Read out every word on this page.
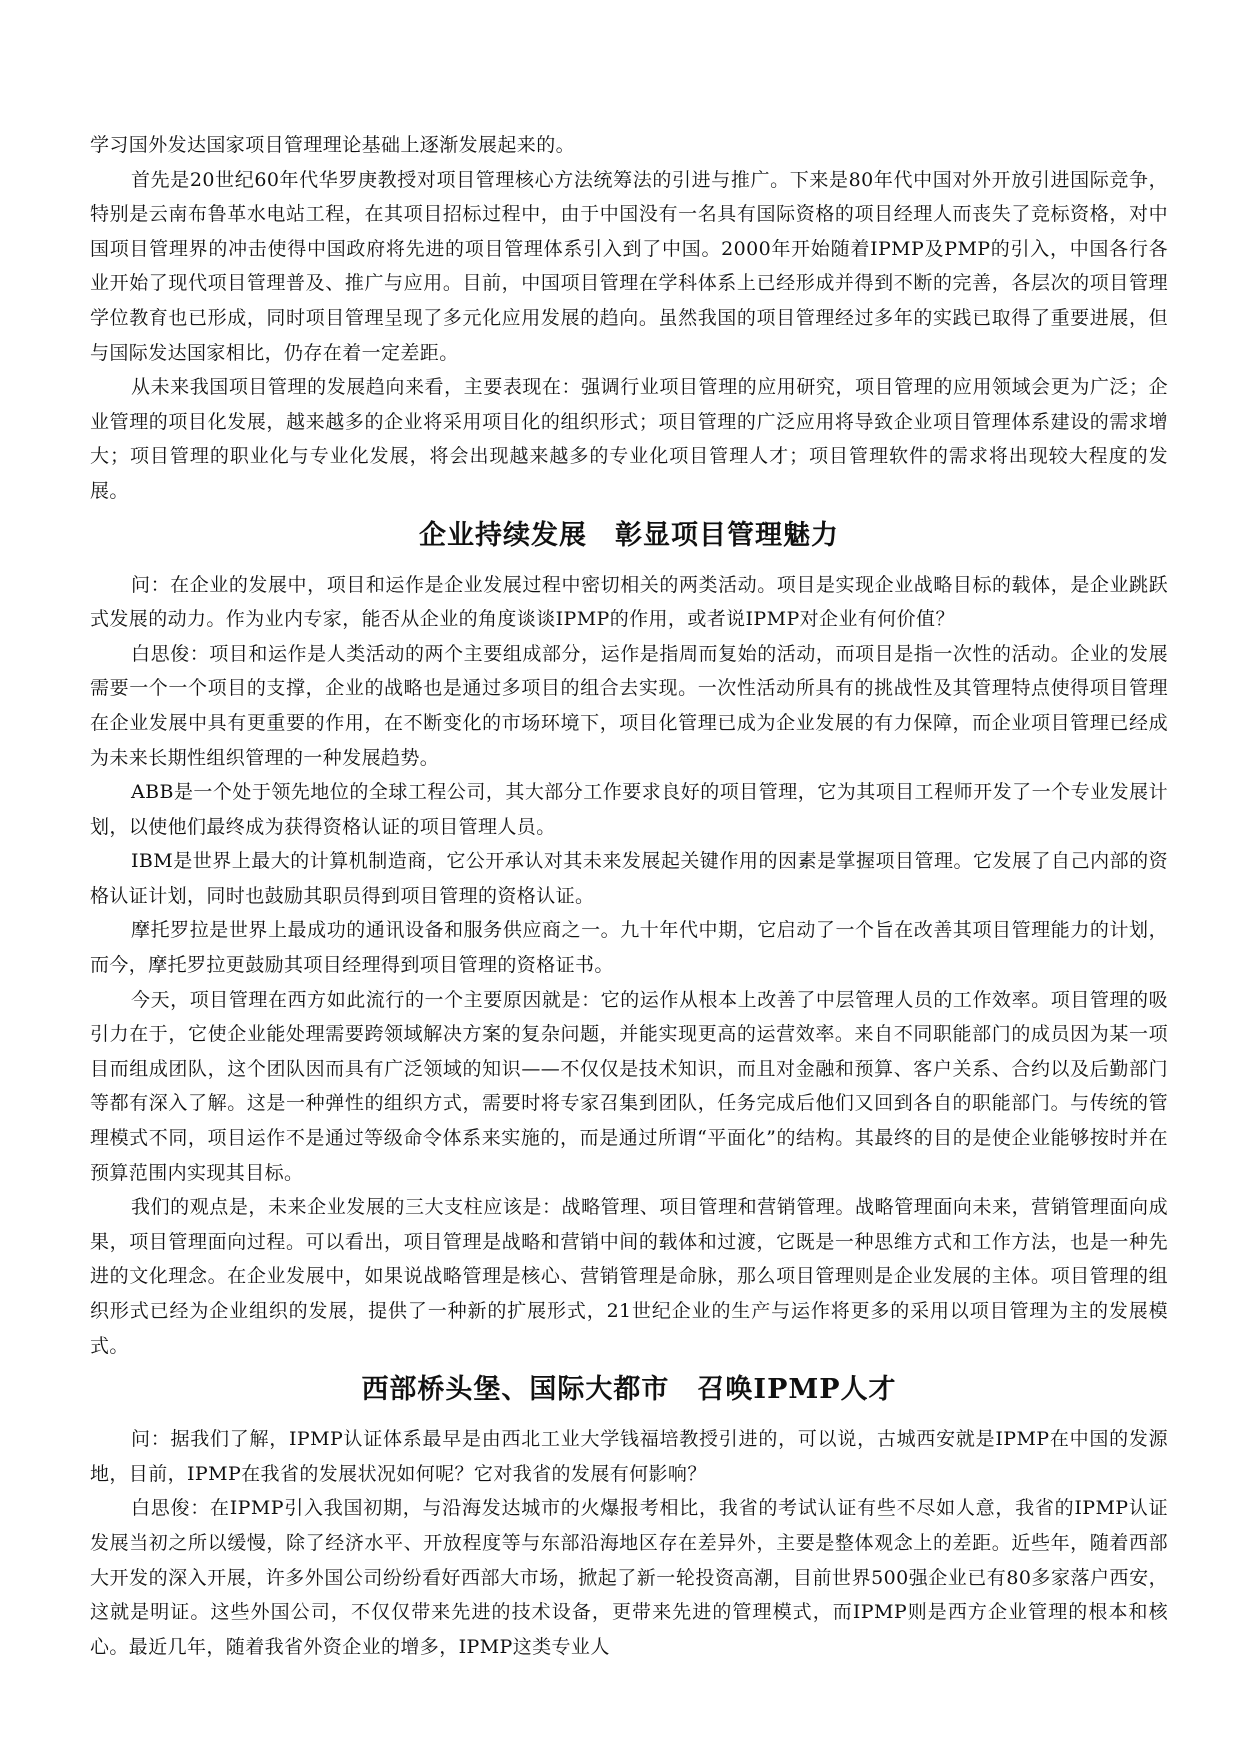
学习国外发达国家项目管理理论基础上逐渐发展起来的。

首先是20世纪60年代华罗庚教授对项目管理核心方法统筹法的引进与推广。下来是80年代中国对外开放引进国际竞争，特别是云南布鲁革水电站工程，在其项目招标过程中，由于中国没有一名具有国际资格的项目经理人而丧失了竞标资格，对中国项目管理界的冲击使得中国政府将先进的项目管理体系引入到了中国。2000年开始随着IPMP及PMP的引入，中国各行各业开始了现代项目管理普及、推广与应用。目前，中国项目管理在学科体系上已经形成并得到不断的完善，各层次的项目管理学位教育也已形成，同时项目管理呈现了多元化应用发展的趋向。虽然我国的项目管理经过多年的实践已取得了重要进展，但与国际发达国家相比，仍存在着一定差距。

从未来我国项目管理的发展趋向来看，主要表现在：强调行业项目管理的应用研究，项目管理的应用领域会更为广泛；企业管理的项目化发展，越来越多的企业将采用项目化的组织形式；项目管理的广泛应用将导致企业项目管理体系建设的需求增大；项目管理的职业化与专业化发展，将会出现越来越多的专业化项目管理人才；项目管理软件的需求将出现较大程度的发展。

企业持续发展　彰显项目管理魅力

问：在企业的发展中，项目和运作是企业发展过程中密切相关的两类活动。项目是实现企业战略目标的载体，是企业跳跃式发展的动力。作为业内专家，能否从企业的角度谈谈IPMP的作用，或者说IPMP对企业有何价值？

白思俊：项目和运作是人类活动的两个主要组成部分，运作是指周而复始的活动，而项目是指一次性的活动。企业的发展需要一个一个项目的支撑，企业的战略也是通过多项目的组合去实现。一次性活动所具有的挑战性及其管理特点使得项目管理在企业发展中具有更重要的作用，在不断变化的市场环境下，项目化管理已成为企业发展的有力保障，而企业项目管理已经成为未来长期性组织管理的一种发展趋势。

ABB是一个处于领先地位的全球工程公司，其大部分工作要求良好的项目管理，它为其项目工程师开发了一个专业发展计划，以使他们最终成为获得资格认证的项目管理人员。

IBM是世界上最大的计算机制造商，它公开承认对其未来发展起关键作用的因素是掌握项目管理。它发展了自己内部的资格认证计划，同时也鼓励其职员得到项目管理的资格认证。

摩托罗拉是世界上最成功的通讯设备和服务供应商之一。九十年代中期，它启动了一个旨在改善其项目管理能力的计划，而今，摩托罗拉更鼓励其项目经理得到项目管理的资格证书。

今天，项目管理在西方如此流行的一个主要原因就是：它的运作从根本上改善了中层管理人员的工作效率。项目管理的吸引力在于，它使企业能处理需要跨领域解决方案的复杂问题，并能实现更高的运营效率。来自不同职能部门的成员因为某一项目而组成团队，这个团队因而具有广泛领域的知识——不仅仅是技术知识，而且对金融和预算、客户关系、合约以及后勤部门等都有深入了解。这是一种弹性的组织方式，需要时将专家召集到团队，任务完成后他们又回到各自的职能部门。与传统的管理模式不同，项目运作不是通过等级命令体系来实施的，而是通过所谓“平面化”的结构。其最终的目的是使企业能够按时并在预算范围内实现其目标。

我们的观点是，未来企业发展的三大支柱应该是：战略管理、项目管理和营销管理。战略管理面向未来，营销管理面向成果，项目管理面向过程。可以看出，项目管理是战略和营销中间的载体和过渡，它既是一种思维方式和工作方法，也是一种先进的文化理念。在企业发展中，如果说战略管理是核心、营销管理是命脉，那么项目管理则是企业发展的主体。项目管理的组织形式已经为企业组织的发展，提供了一种新的扩展形式，21世纪企业的生产与运作将更多的采用以项目管理为主的发展模式。

西部桥头堡、国际大都市　召唤IPMP人才

问：据我们了解，IPMP认证体系最早是由西北工业大学钱福培教授引进的，可以说，古城西安就是IPMP在中国的发源地，目前，IPMP在我省的发展状况如何呢？它对我省的发展有何影响？

白思俊：在IPMP引入我国初期，与沿海发达城市的火爆报考相比，我省的考试认证有些不尽如人意，我省的IPMP认证发展当初之所以缓慢，除了经济水平、开放程度等与东部沿海地区存在差异外，主要是整体观念上的差距。近些年，随着西部大开发的深入开展，许多外国公司纷纷看好西部大市场，掀起了新一轮投资高潮，目前世界500强企业已有80多家落户西安，这就是明证。这些外国公司，不仅仅带来先进的技术设备，更带来先进的管理模式，而IPMP则是西方企业管理的根本和核心。最近几年，随着我省外资企业的增多，IPMP这类专业人
